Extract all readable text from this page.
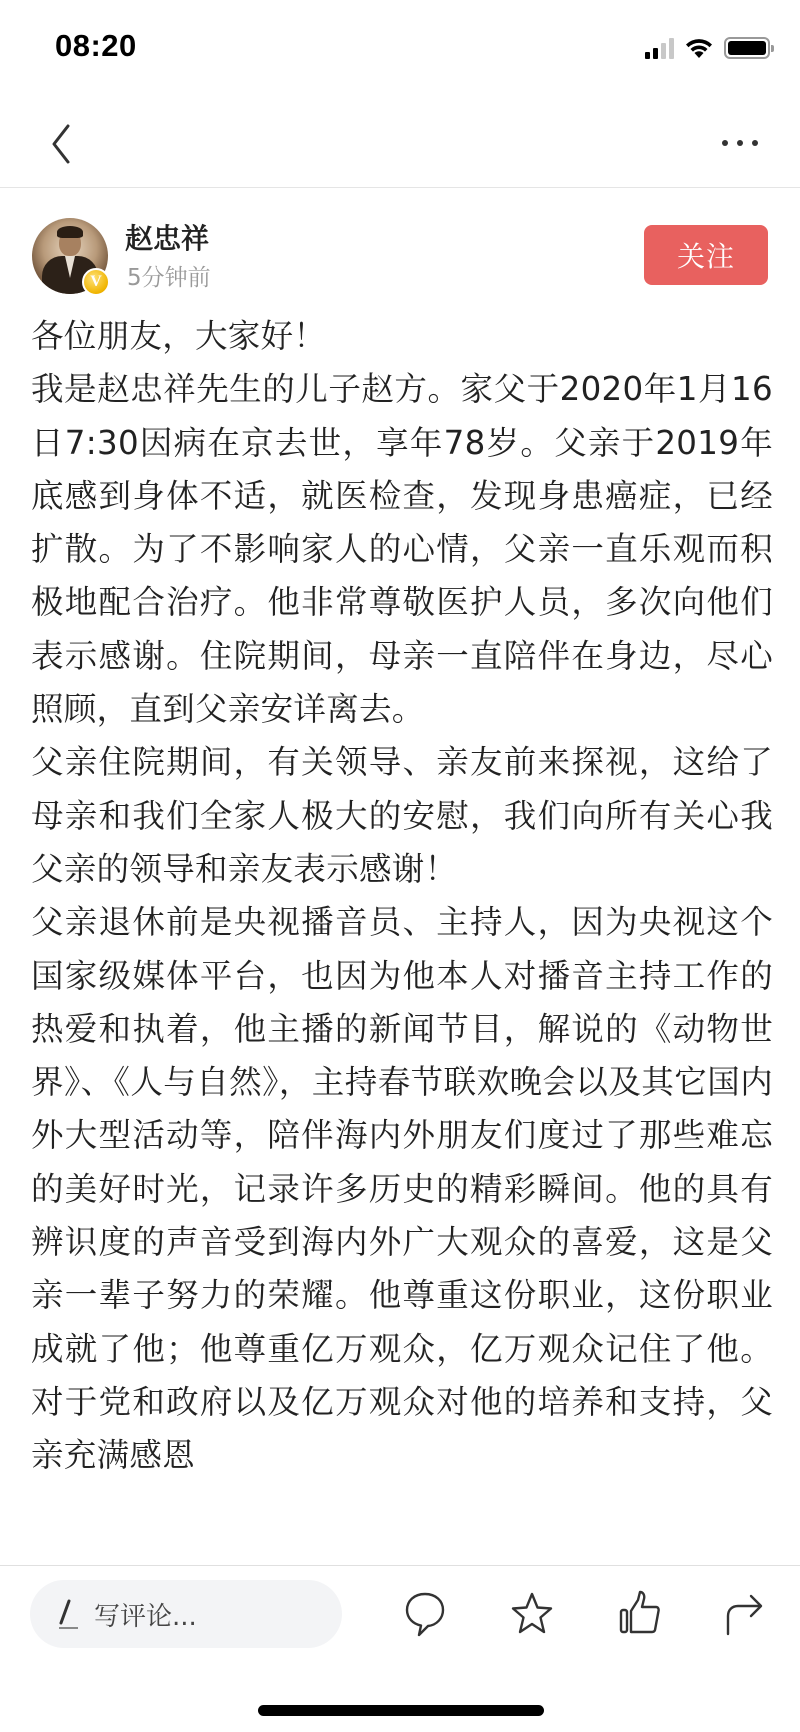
08:20
V
赵忠祥
5分钟前
关注

各位朋友，大家好！

我是赵忠祥先生的儿子赵方。家父于2020年1月16日7:30因病在京去世，享年78岁。父亲于2019年底感到身体不适，就医检查，发现身患癌症，已经扩散。为了不影响家人的心情，父亲一直乐观而积极地配合治疗。他非常尊敬医护人员，多次向他们表示感谢。住院期间，母亲一直陪伴在身边，尽心照顾，直到父亲安详离去。

父亲住院期间，有关领导、亲友前来探视，这给了母亲和我们全家人极大的安慰，我们向所有关心我父亲的领导和亲友表示感谢！

父亲退休前是央视播音员、主持人，因为央视这个国家级媒体平台，也因为他本人对播音主持工作的热爱和执着，他主播的新闻节目，解说的《动物世界》、《人与自然》，主持春节联欢晚会以及其它国内外大型活动等，陪伴海内外朋友们度过了那些难忘的美好时光，记录许多历史的精彩瞬间。他的具有辨识度的声音受到海内外广大观众的喜爱，这是父亲一辈子努力的荣耀。他尊重这份职业，这份职业成就了他；他尊重亿万观众，亿万观众记住了他。对于党和政府以及亿万观众对他的培养和支持，父亲充满感恩

写评论...
